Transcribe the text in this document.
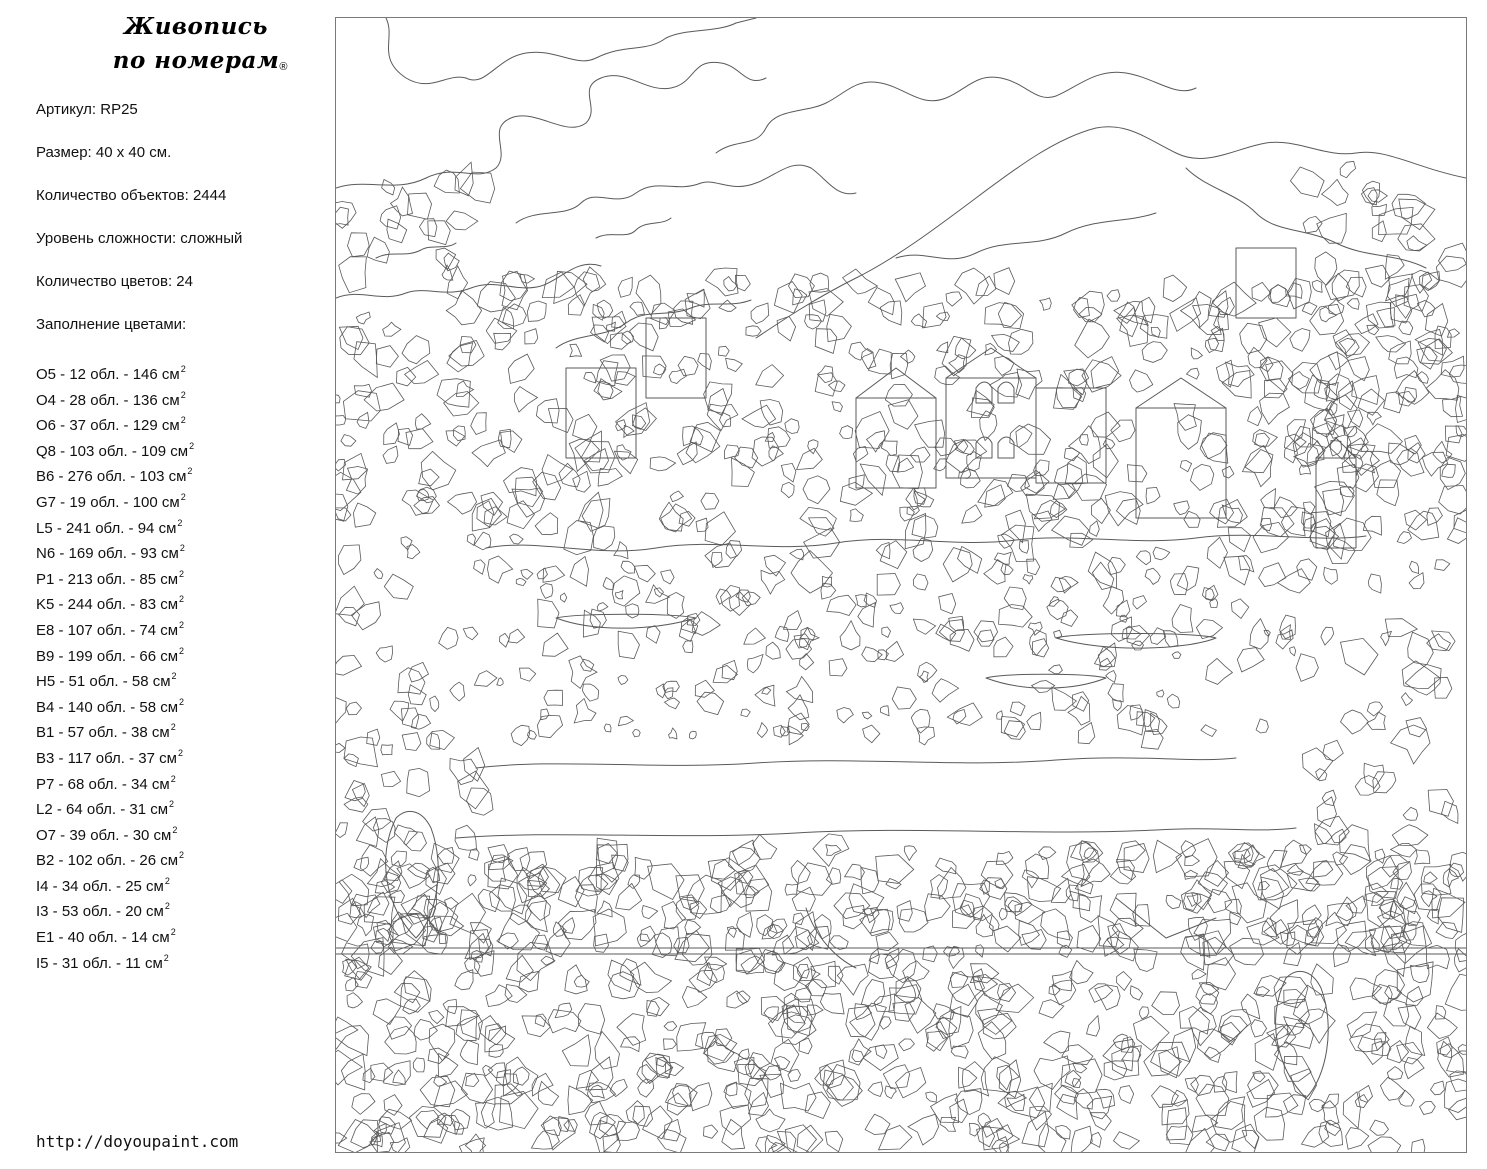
Живопись
по номерам ®
Артикул: RP25
Размер: 40 х 40 см.
Количество объектов: 2444
Уровень сложности: сложный
Количество цветов: 24
Заполнение цветами:
O5 - 12 обл. - 146 $см^2$
O4 - 28 обл. - 136 $см^2$
O6 - 37 обл. - 129 $см^2$
Q8 - 103 обл. - 109 $см^2$
B6 - 276 обл. - 103 $см^2$
G7 - 19 обл. - 100 $см^2$
L5 - 241 обл. - 94 $см^2$
N6 - 169 обл. - 93 $см^2$
P1 - 213 обл. - 85 $см^2$
K5 - 244 обл. - 83 $см^2$
E8 - 107 обл. - 74 $см^2$
B9 - 199 обл. - 66 $см^2$
H5 - 51 обл. - 58 $см^2$
B4 - 140 обл. - 58 $см^2$
B1 - 57 обл. - 38 $см^2$
B3 - 117 обл. - 37 $см^2$
P7 - 68 обл. - 34 $см^2$
L2 - 64 обл. - 31 $см^2$
O7 - 39 обл. - 30 $см^2$
B2 - 102 обл. - 26 $см^2$
I4 - 34 обл. - 25 $см^2$
I3 - 53 обл. - 20 $см^2$
E1 - 40 обл. - 14 $см^2$
I5 - 31 обл. - 11 $см^2$
http://doyoupaint.com
